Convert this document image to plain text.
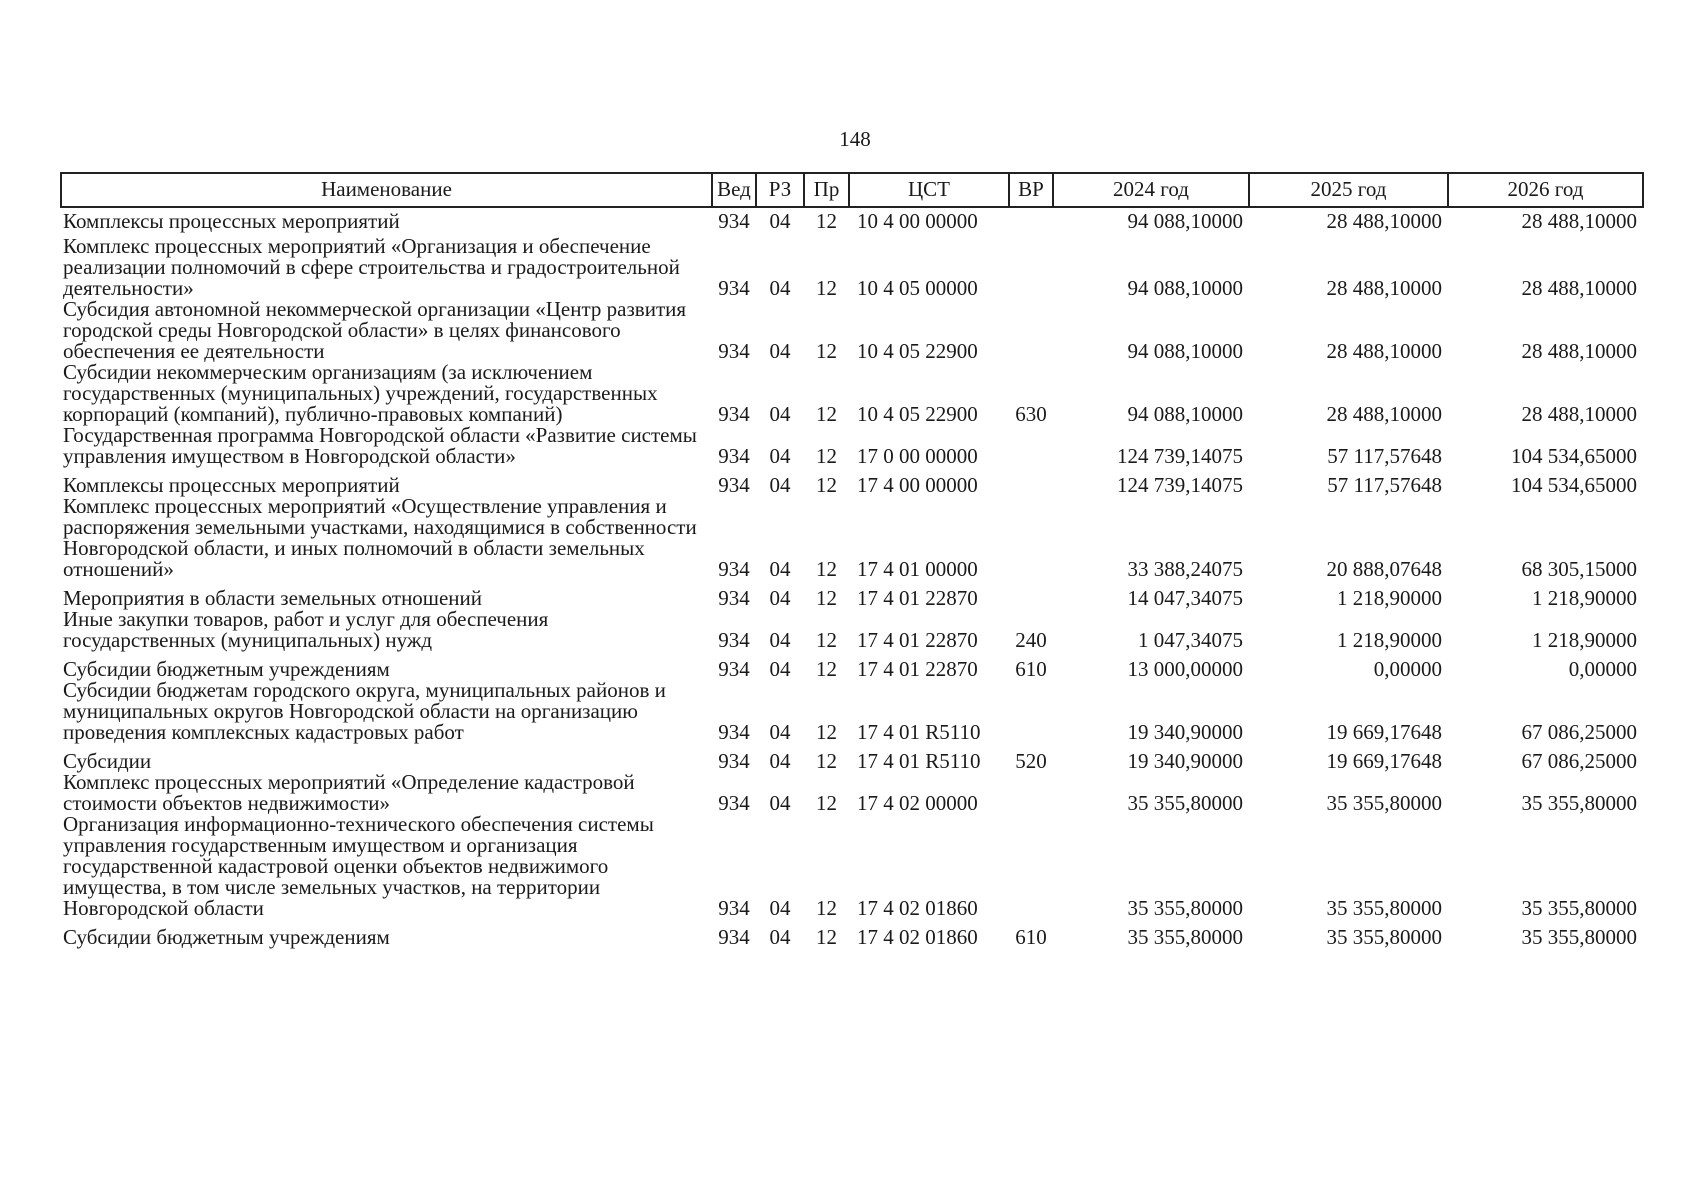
148
Наименование	Вед	РЗ	Пр	ЦСТ	ВР	2024 год	2025 год	2026 год
Комплексы процессных мероприятий	934	04	12	10 4 00 00000		94 088,10000	28 488,10000	28 488,10000
Комплекс процессных мероприятий «Организация и обеспечение реализации полномочий в сфере строительства и градостроительной деятельности»	934	04	12	10 4 05 00000		94 088,10000	28 488,10000	28 488,10000
Субсидия автономной некоммерческой организации «Центр развития городской среды Новгородской области» в целях финансового обеспечения ее деятельности	934	04	12	10 4 05 22900		94 088,10000	28 488,10000	28 488,10000
Субсидии некоммерческим организациям (за исключением государственных (муниципальных) учреждений, государственных корпораций (компаний), публично-правовых компаний)	934	04	12	10 4 05 22900	630	94 088,10000	28 488,10000	28 488,10000
Государственная программа Новгородской области «Развитие системы управления имуществом в Новгородской области»	934	04	12	17 0 00 00000		124 739,14075	57 117,57648	104 534,65000
Комплексы процессных мероприятий	934	04	12	17 4 00 00000		124 739,14075	57 117,57648	104 534,65000
Комплекс процессных мероприятий «Осуществление управления и распоряжения земельными участками, находящимися в собственности Новгородской области, и иных полномочий в области земельных отношений»	934	04	12	17 4 01 00000		33 388,24075	20 888,07648	68 305,15000
Мероприятия в области земельных отношений	934	04	12	17 4 01 22870		14 047,34075	1 218,90000	1 218,90000
Иные закупки товаров, работ и услуг для обеспечения государственных (муниципальных) нужд	934	04	12	17 4 01 22870	240	1 047,34075	1 218,90000	1 218,90000
Субсидии бюджетным учреждениям	934	04	12	17 4 01 22870	610	13 000,00000	0,00000	0,00000
Субсидии бюджетам городского округа, муниципальных районов и муниципальных округов Новгородской области на организацию проведения комплексных кадастровых работ	934	04	12	17 4 01 R5110		19 340,90000	19 669,17648	67 086,25000
Субсидии	934	04	12	17 4 01 R5110	520	19 340,90000	19 669,17648	67 086,25000
Комплекс процессных мероприятий «Определение кадастровой стоимости объектов недвижимости»	934	04	12	17 4 02 00000		35 355,80000	35 355,80000	35 355,80000
Организация информационно-технического обеспечения системы управления государственным имуществом и организация государственной кадастровой оценки объектов недвижимого имущества, в том числе земельных участков, на территории Новгородской области	934	04	12	17 4 02 01860		35 355,80000	35 355,80000	35 355,80000
Субсидии бюджетным учреждениям	934	04	12	17 4 02 01860	610	35 355,80000	35 355,80000	35 355,80000
